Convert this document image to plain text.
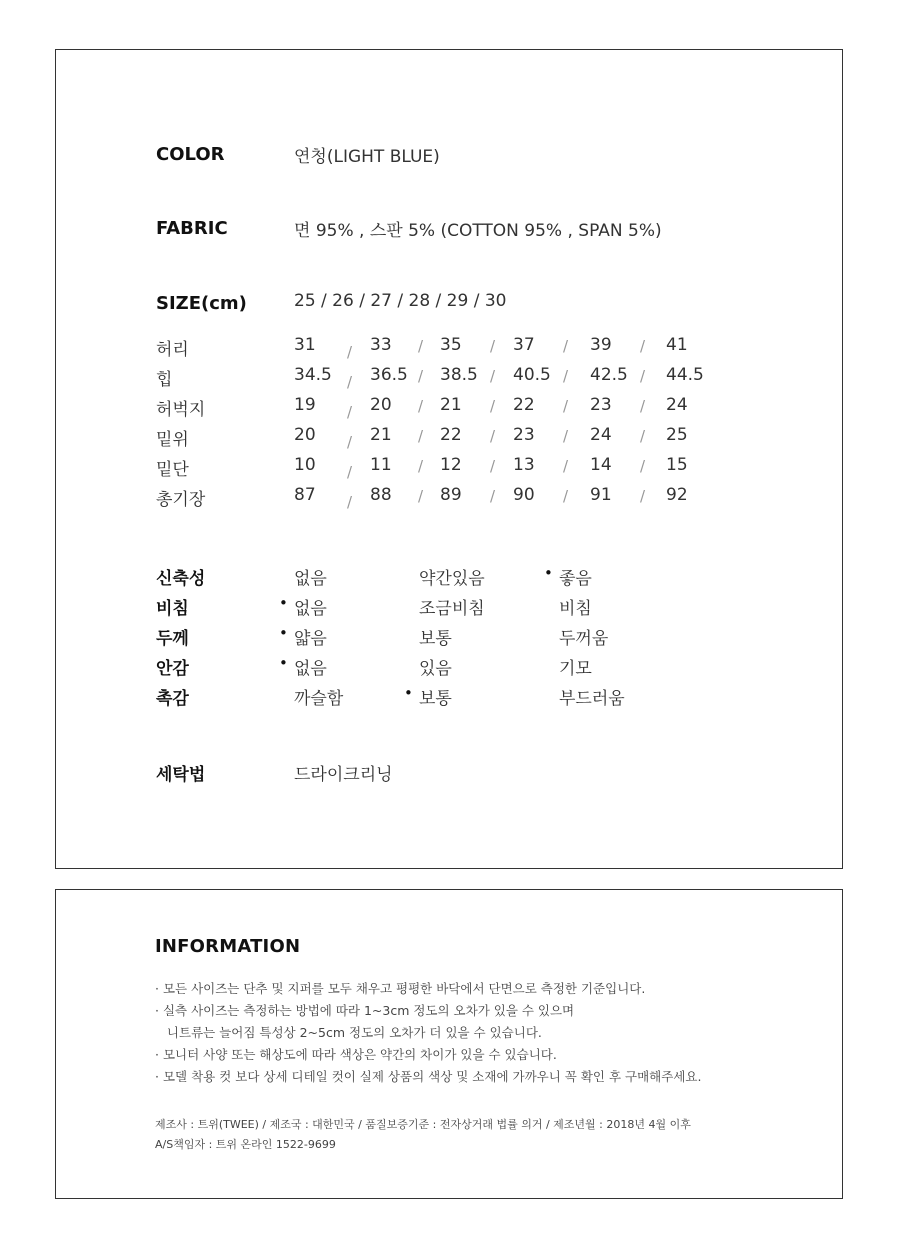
COLOR	연청(LIGHT BLUE)
FABRIC	면 95% , 스판 5% (COTTON 95% , SPAN 5%)
SIZE(cm)	25 / 26 / 27 / 28 / 29 / 30
허리	31 / 33 / 35 / 37 / 39 / 41
힙	34.5 / 36.5 / 38.5 / 40.5 / 42.5 / 44.5
허벅지	19 / 20 / 21 / 22 / 23 / 24
밑위	20 / 21 / 22 / 23 / 24 / 25
밑단	10 / 11 / 12 / 13 / 14 / 15
총기장	87 / 88 / 89 / 90 / 91 / 92
신축성	없음	약간있음	• 좋음
비침	• 없음	조금비침	비침
두께	• 얇음	보통	두꺼움
안감	• 없음	있음	기모
촉감	까슬함	• 보통	부드러움
세탁법	드라이크리닝
INFORMATION
· 모든 사이즈는 단추 및 지퍼를 모두 채우고 평평한 바닥에서 단면으로 측정한 기준입니다.
· 실측 사이즈는 측정하는 방법에 따라 1~3cm 정도의 오차가 있을 수 있으며
니트류는 늘어짐 특성상 2~5cm 정도의 오차가 더 있을 수 있습니다.
· 모니터 사양 또는 해상도에 따라 색상은 약간의 차이가 있을 수 있습니다.
· 모델 착용 컷 보다 상세 디테일 컷이 실제 상품의 색상 및 소재에 가까우니 꼭 확인 후 구매해주세요.
제조사 : 트위(TWEE) / 제조국 : 대한민국 / 품질보증기준 : 전자상거래 법률 의거 / 제조년월 : 2018년 4월 이후
A/S책임자 : 트위 온라인 1522-9699
